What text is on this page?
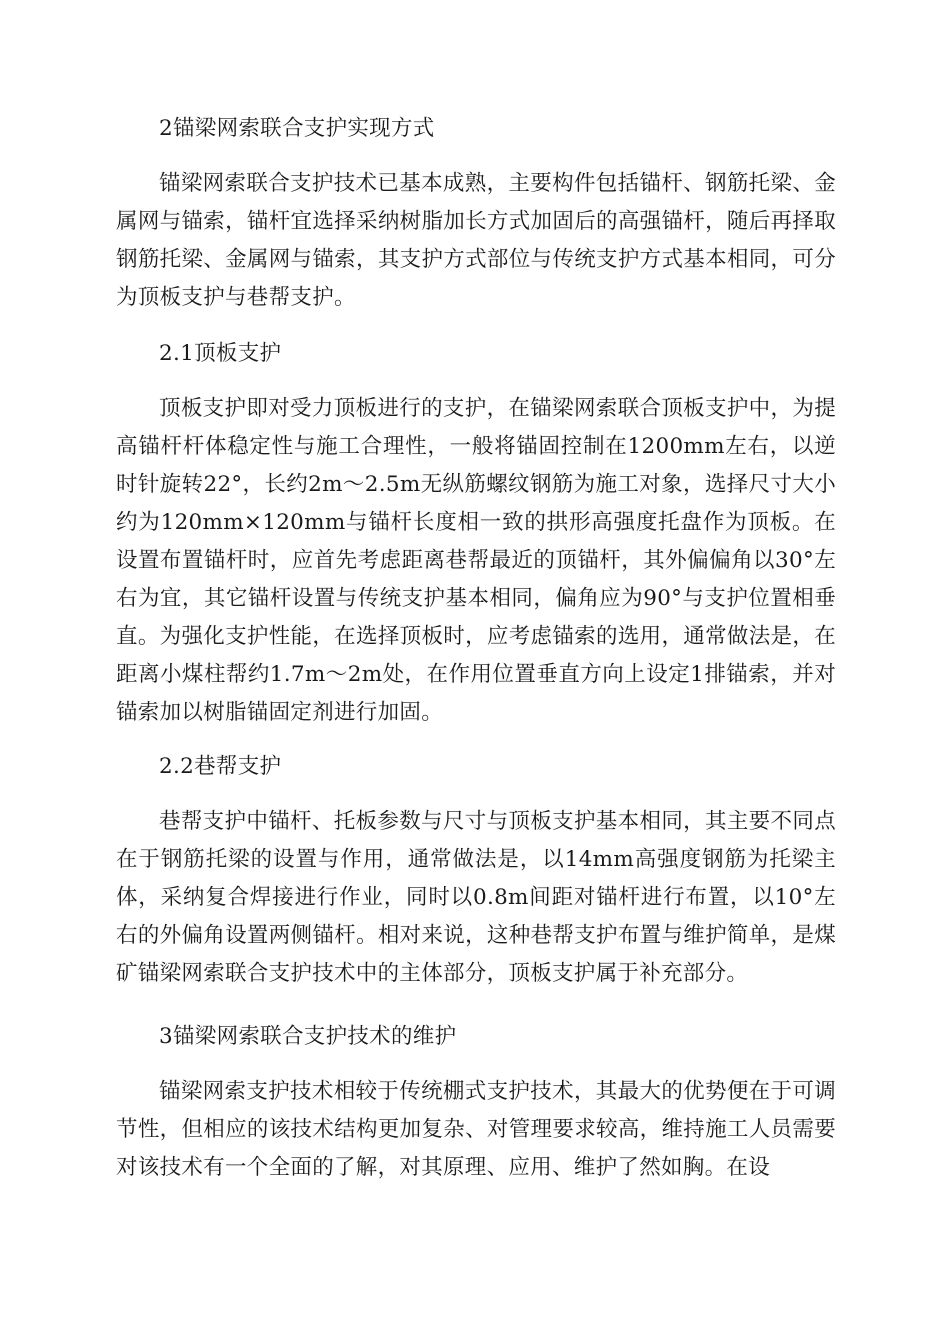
2锚梁网索联合支护实现方式

锚梁网索联合支护技术已基本成熟，主要构件包括锚杆、钢筋托梁、金属网与锚索，锚杆宜选择采纳树脂加长方式加固后的高强锚杆，随后再择取钢筋托梁、金属网与锚索，其支护方式部位与传统支护方式基本相同，可分为顶板支护与巷帮支护。

2.1顶板支护

顶板支护即对受力顶板进行的支护，在锚梁网索联合顶板支护中，为提高锚杆杆体稳定性与施工合理性，一般将锚固控制在1200mm左右，以逆时针旋转22°，长约2m～2.5m无纵筋螺纹钢筋为施工对象，选择尺寸大小约为120mm×120mm与锚杆长度相一致的拱形高强度托盘作为顶板。在设置布置锚杆时，应首先考虑距离巷帮最近的顶锚杆，其外偏偏角以30°左右为宜，其它锚杆设置与传统支护基本相同，偏角应为90°与支护位置相垂直。为强化支护性能，在选择顶板时，应考虑锚索的选用，通常做法是，在距离小煤柱帮约1.7m～2m处，在作用位置垂直方向上设定1排锚索，并对锚索加以树脂锚固定剂进行加固。

2.2巷帮支护

巷帮支护中锚杆、托板参数与尺寸与顶板支护基本相同，其主要不同点在于钢筋托梁的设置与作用，通常做法是，以14mm高强度钢筋为托梁主体，采纳复合焊接进行作业，同时以0.8m间距对锚杆进行布置，以10°左右的外偏角设置两侧锚杆。相对来说，这种巷帮支护布置与维护简单，是煤矿锚梁网索联合支护技术中的主体部分，顶板支护属于补充部分。

3锚梁网索联合支护技术的维护

锚梁网索支护技术相较于传统棚式支护技术，其最大的优势便在于可调节性，但相应的该技术结构更加复杂、对管理要求较高，维持施工人员需要对该技术有一个全面的了解，对其原理、应用、维护了然如胸。在设
